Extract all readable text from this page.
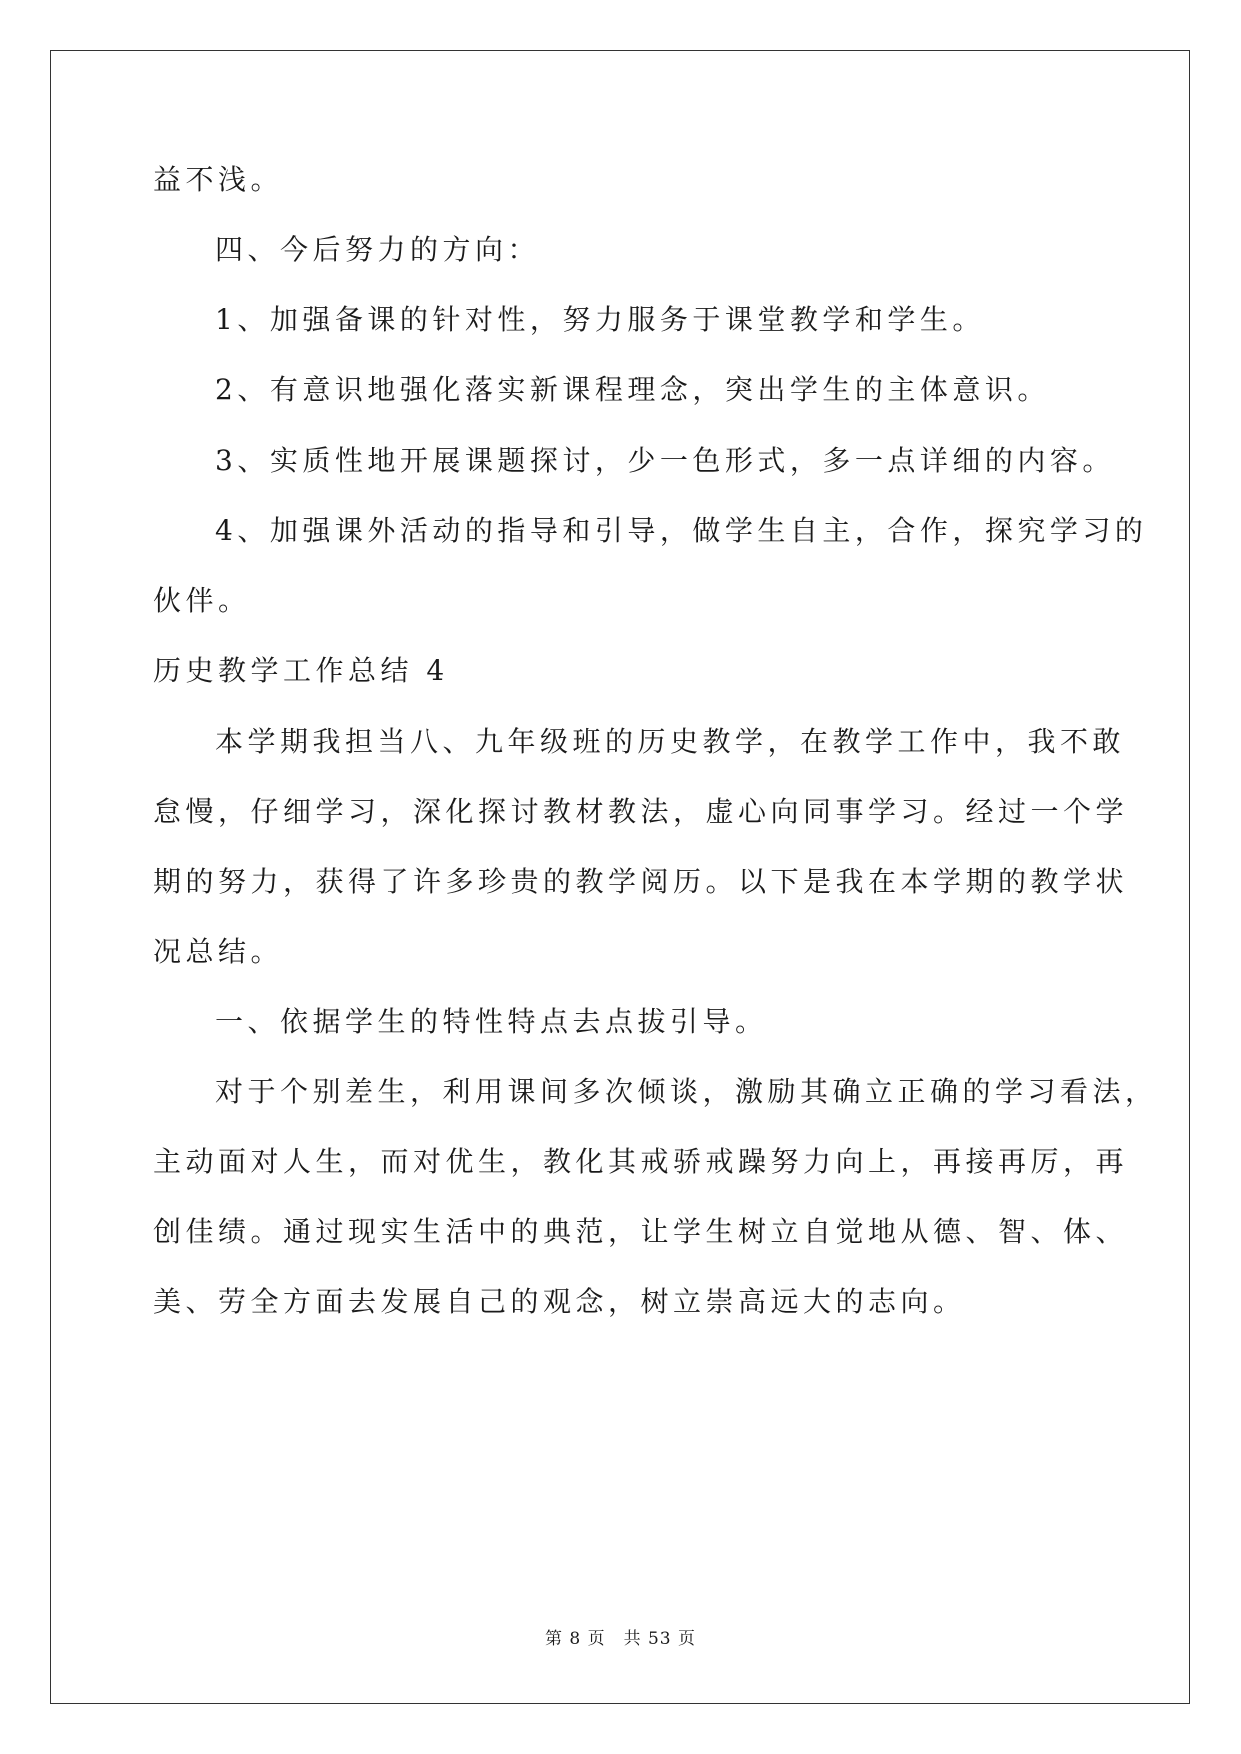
益不浅。
四、今后努力的方向：
1、加强备课的针对性，努力服务于课堂教学和学生。
2、有意识地强化落实新课程理念，突出学生的主体意识。
3、实质性地开展课题探讨，少一色形式，多一点详细的内容。
4、加强课外活动的指导和引导，做学生自主，合作，探究学习的
伙伴。
历史教学工作总结 4
本学期我担当八、九年级班的历史教学，在教学工作中，我不敢
怠慢，仔细学习，深化探讨教材教法，虚心向同事学习。经过一个学
期的努力，获得了许多珍贵的教学阅历。以下是我在本学期的教学状
况总结。
一、依据学生的特性特点去点拔引导。
对于个别差生，利用课间多次倾谈，激励其确立正确的学习看法，
主动面对人生，而对优生，教化其戒骄戒躁努力向上，再接再厉，再
创佳绩。通过现实生活中的典范，让学生树立自觉地从德、智、体、
美、劳全方面去发展自己的观念，树立崇高远大的志向。
第 8 页 共 53 页
